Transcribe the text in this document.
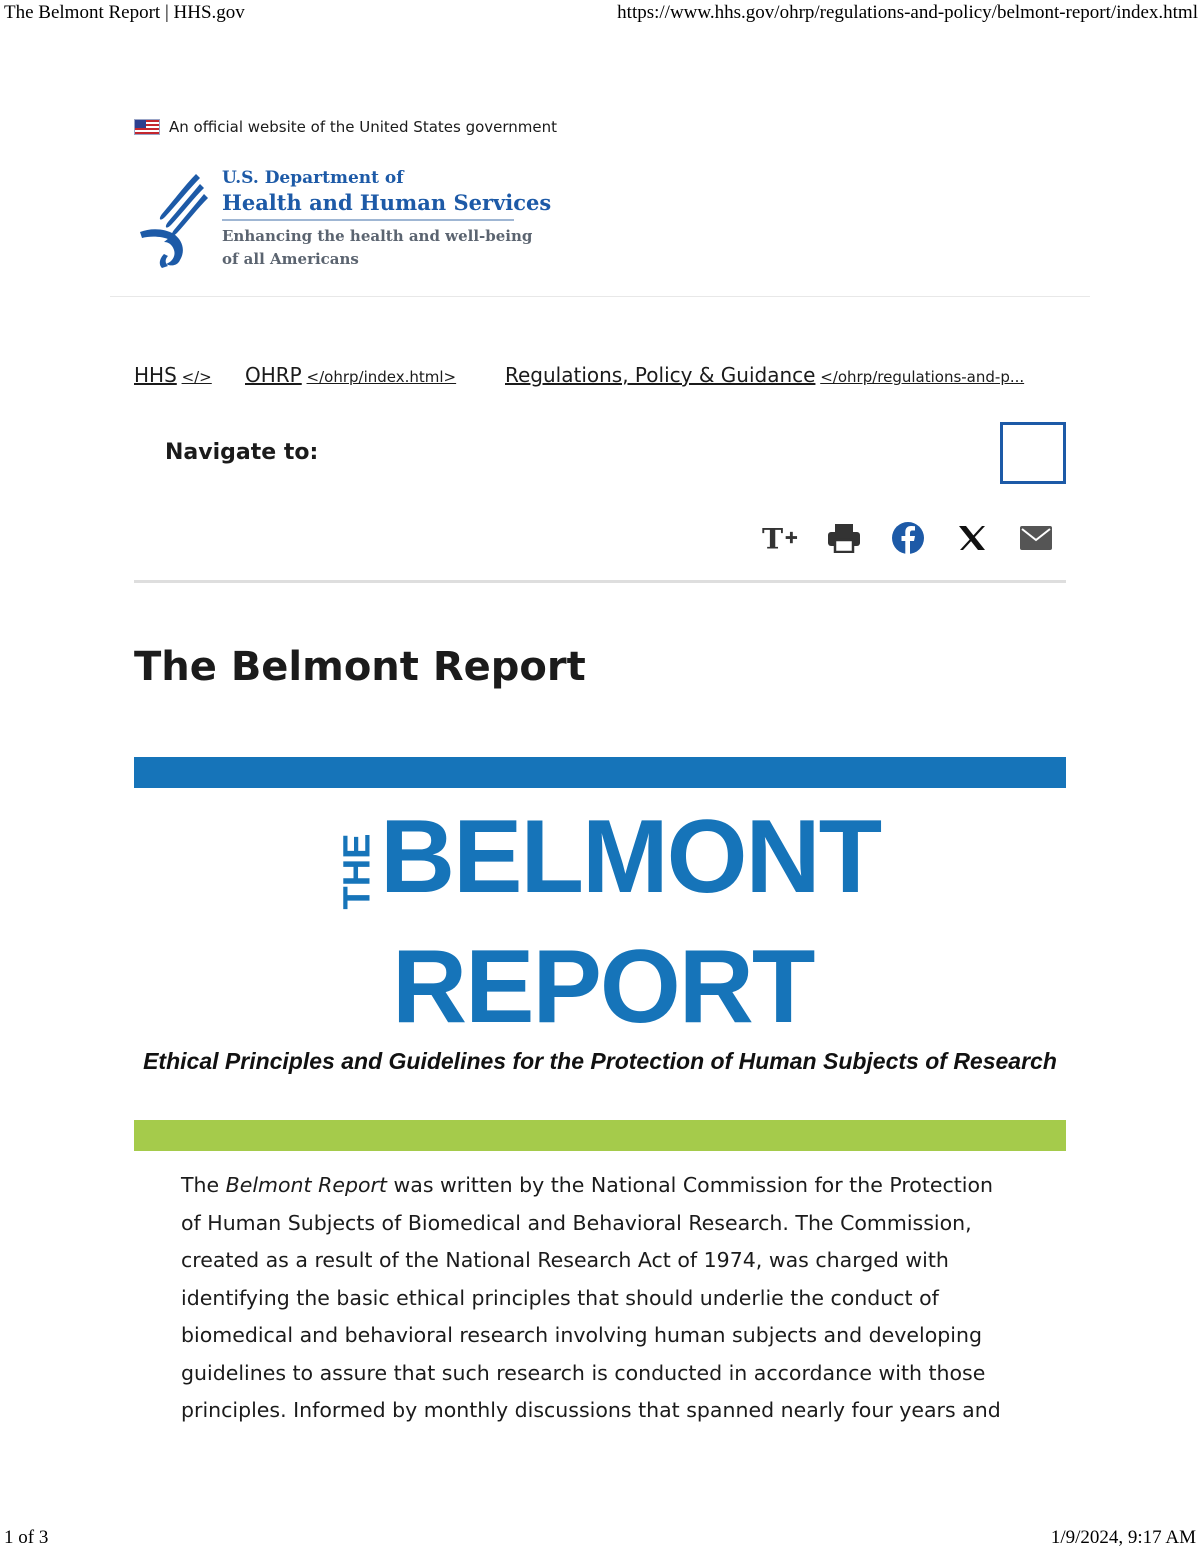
The Belmont Report | HHS.gov	https://www.hhs.gov/ohrp/regulations-and-policy/belmont-report/index.html
An official website of the United States government
U.S. Department of
Health and Human Services
Enhancing the health and well-being
of all Americans
HHS </> OHRP </ohrp/index.html> Regulations, Policy & Guidance </ohrp/regulations-and-p...
Navigate to:
T
The Belmont Report
THE BELMONT
REPORT
Ethical Principles and Guidelines for the Protection of Human Subjects of Research

The Belmont Report was written by the National Commission for the Protection of Human Subjects of Biomedical and Behavioral Research. The Commission, created as a result of the National Research Act of 1974, was charged with identifying the basic ethical principles that should underlie the conduct of biomedical and behavioral research involving human subjects and developing guidelines to assure that such research is conducted in accordance with those principles. Informed by monthly discussions that spanned nearly four years and

1 of 3	1/9/2024, 9:17 AM
